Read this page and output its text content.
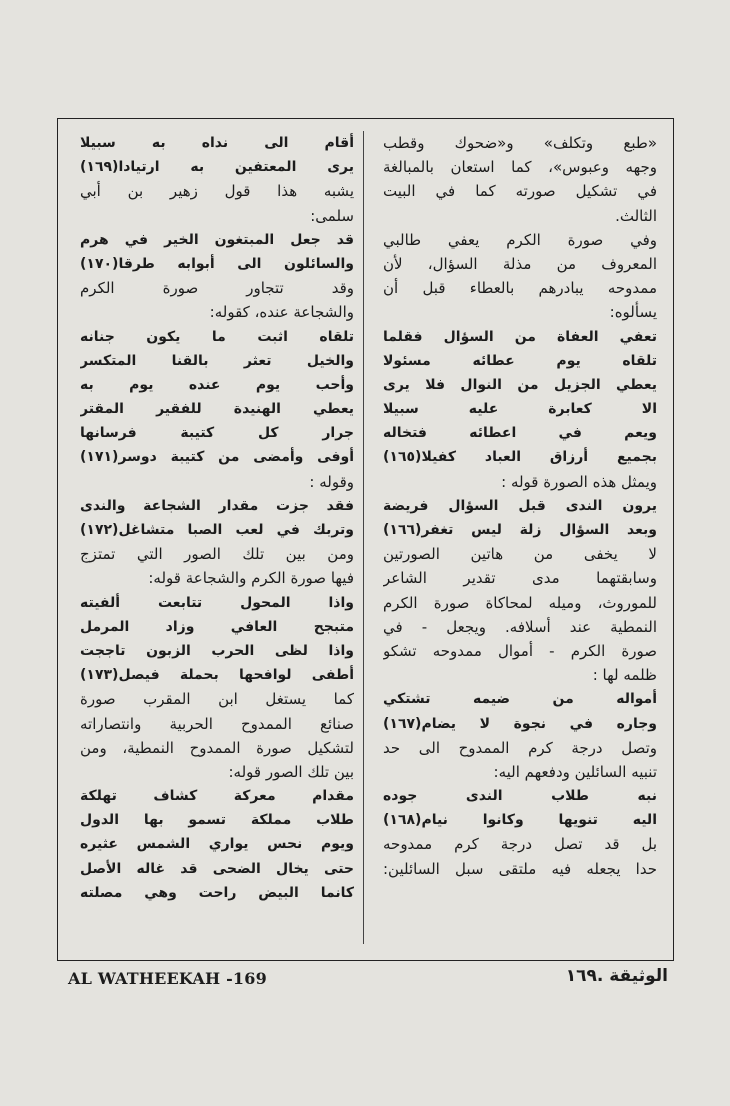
«طبع وتكلف» و«ضحوك وقطب
وجهه وعبوس»، كما استعان بالمبالغة
في تشكيل صورته كما في البيت
الثالث.
وفي صورة الكرم يعفي طالبي
المعروف من مذلة السؤال، لأن
ممدوحه يبادرهم بالعطاء قبل أن
يسألوه:
تعفي العفاة من السؤال فقلما
تلقاه يوم عطائه مسئولا
يعطي الجزيل من النوال فلا يرى
الا كعابرة عليه سبيلا
ويعم في اعطائه فتخاله
بجميع أرزاق العباد كفيلا(١٦٥)
ويمثل هذه الصورة قوله :
يرون الندى قبل السؤال فريضة
وبعد السؤال زلة ليس تغفر(١٦٦)
لا يخفى من هاتين الصورتين
وسابقتهما مدى تقدير الشاعر
للموروث، وميله لمحاكاة صورة الكرم
النمطية عند أسلافه. ويجعل - في
صورة الكرم - أموال ممدوحه تشكو
ظلمه لها :
أمواله من ضيمه تشتكي
وجاره في نجوة لا يضام(١٦٧)
وتصل درجة كرم الممدوح الى حد
تنبيه السائلين ودفعهم اليه:
نبه طلاب الندى جوده
اليه تنويها وكانوا نيام(١٦٨)
بل قد تصل درجة كرم ممدوحه
حدا يجعله فيه ملتقى سبل السائلين:
أقام الى نداه به سبيلا
يرى المعتفين به ارتيادا(١٦٩)
يشبه هذا قول زهير بن أبي
سلمى:
قد جعل المبتغون الخير في هرم
والسائلون الى أبوابه طرقا(١٧٠)
وقد تتجاور صورة الكرم
والشجاعة عنده، كقوله:
تلقاه اثبت ما يكون جنانه
والخيل تعثر بالقنا المتكسر
وأحب يوم عنده يوم به
يعطي الهنيدة للفقير المقتر
جرار كل كتيبة فرسانها
أوفى وأمضى من كتيبة دوسر(١٧١)
وقوله :
فقد جزت مقدار الشجاعة والندى
وتربك في لعب الصبا متشاغل(١٧٢)
ومن بين تلك الصور التي تمتزج
فيها صورة الكرم والشجاعة قوله:
واذا المحول تتابعت ألفيته
متبجح العافي وزاد المرمل
واذا لظى الحرب الزبون تاججت
أطفى لوافحها بحملة فيصل(١٧٣)
كما يستغل ابن المقرب صورة
صنائع الممدوح الحربية وانتصاراته
لتشكيل صورة الممدوح النمطية، ومن
بين تلك الصور قوله:
مقدام معركة كشاف تهلكة
طلاب مملكة تسمو بها الدول
ويوم نحس يواري الشمس عثيره
حتى يخال الضحى قد غاله الأصل
كانما البيض راحت وهي مصلته
AL WATHEEKAH -169	الوثيقة .١٦٩
